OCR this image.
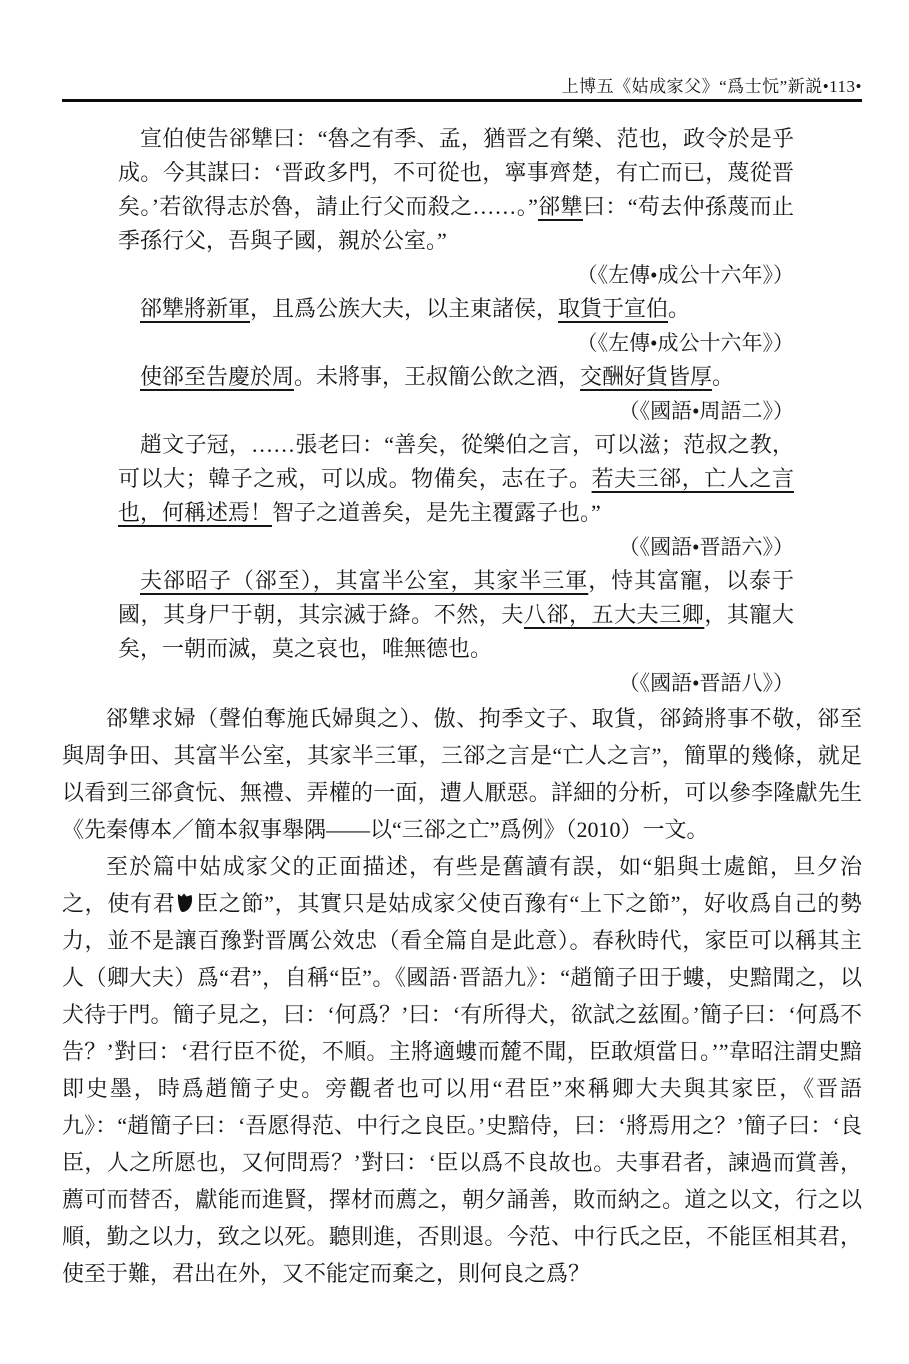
上博五《姑成家父》“爲士忨”新説•113•

宣伯使告郤犨曰：“魯之有季、孟，猶晋之有樂、范也，政令於是乎成。今其謀曰：‘晋政多門，不可從也，寧事齊楚，有亡而已，蔑從晋矣。’若欲得志於魯，請止行父而殺之……。”郤犨曰：“苟去仲孫蔑而止季孫行父，吾與子國，親於公室。”

（《左傳•成公十六年》）

郤犨將新軍，且爲公族大夫，以主東諸侯，取貨于宣伯。

（《左傳•成公十六年》）

使郤至告慶於周。未將事，王叔簡公飲之酒，交酬好貨皆厚。

（《國語•周語二》）

趙文子冠，……張老曰：“善矣，從樂伯之言，可以滋；范叔之教，可以大；韓子之戒，可以成。物備矣，志在子。若夫三郤，亡人之言也，何稱述焉！智子之道善矣，是先主覆露子也。”

（《國語•晋語六》）

夫郤昭子（郤至），其富半公室，其家半三軍，恃其富寵，以泰于國，其身尸于朝，其宗滅于絳。不然，夫八郤，五大夫三卿，其寵大矣，一朝而滅，莫之哀也，唯無德也。

（《國語•晋語八》）

郤犨求婦（聲伯奪施氏婦與之）、傲、拘季文子、取貨，郤錡將事不敬，郤至與周争田、其富半公室，其家半三軍，三郤之言是“亡人之言”，簡單的幾條，就足以看到三郤貪忨、無禮、弄權的一面，遭人厭惡。詳細的分析，可以參李隆獻先生《先秦傳本／簡本叙事舉隅——以“三郤之亡”爲例》（2010）一文。

至於篇中姑成家父的正面描述，有些是舊讀有誤，如“躳與士處館，旦夕治之，使有君 臣之節”，其實只是姑成家父使百豫有“上下之節”，好收爲自己的勢力，並不是讓百豫對晋厲公效忠（看全篇自是此意）。春秋時代，家臣可以稱其主人（卿大夫）爲“君”，自稱“臣”。《國語·晋語九》：“趙簡子田于螻，史黯聞之，以犬待于門。簡子見之，曰：‘何爲？’曰：‘有所得犬，欲試之兹囿。’簡子曰：‘何爲不告？’對曰：‘君行臣不從，不順。主將適螻而麓不聞，臣敢煩當日。’”韋昭注謂史黯即史墨，時爲趙簡子史。旁觀者也可以用“君臣”來稱卿大夫與其家臣，《晋語九》：“趙簡子曰：‘吾愿得范、中行之良臣。’史黯侍，曰：‘將焉用之？’簡子曰：‘良臣，人之所愿也，又何問焉？’對曰：‘臣以爲不良故也。夫事君者，諫過而賞善，薦可而替否，獻能而進賢，擇材而薦之，朝夕誦善，敗而納之。道之以文，行之以順，勤之以力，致之以死。聽則進，否則退。今范、中行氏之臣，不能匡相其君，使至于難，君出在外，又不能定而棄之，則何良之爲？
